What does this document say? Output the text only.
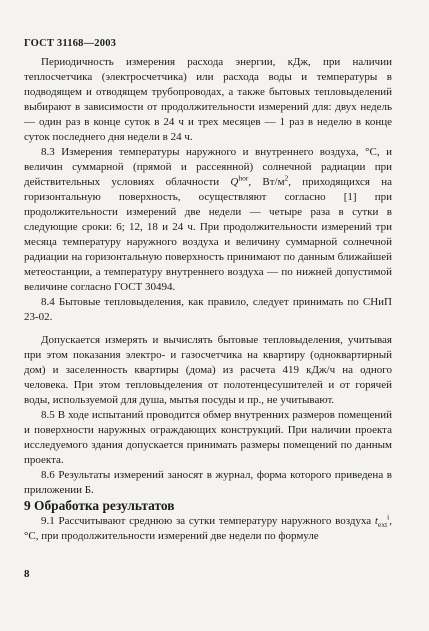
ГОСТ 31168—2003

Периодичность измерения расхода энергии, кДж, при наличии теплосчетчика (электросчетчика) или расхода воды и температуры в подводящем и отводящем трубопроводах, а также бытовых тепловыделений выбирают в зависимости от продолжительности измерений для: двух недель — один раз в конце суток в 24 ч и трех месяцев — 1 раз в неделю в конце суток последнего дня недели в 24 ч.

8.3 Измерения температуры наружного и внутреннего воздуха, °С, и величин суммарной (прямой и рассеянной) солнечной радиации при действительных условиях облачности $Q^{hor}$, $Вт/м^2$, приходящихся на горизонтальную поверхность, осуществляют согласно [1] при продолжительности измерений две недели — четыре раза в сутки в следующие сроки: 6; 12, 18 и 24 ч. При продолжительности измерений три месяца температуру наружного воздуха и величину суммарной солнечной радиации на горизонтальную поверхность принимают по данным ближайшей метеостанции, а температуру внутреннего воздуха — по нижней допустимой величине согласно ГОСТ 30494.

8.4 Бытовые тепловыделения, как правило, следует принимать по СНиП 23-02.

Допускается измерять и вычислять бытовые тепловыделения, учитывая при этом показания электро- и газосчетчика на квартиру (одноквартирный дом) и заселенность квартиры (дома) из расчета 419 кДж/ч на одного человека. При этом тепловыделения от полотенцесушителей и от горячей воды, используемой для душа, мытья посуды и пр., не учитывают.

8.5 В ходе испытаний проводится обмер внутренних размеров помещений и поверхности наружных ограждающих конструкций. При наличии проекта исследуемого здания допускается принимать размеры помещений по данным проекта.

8.6 Результаты измерений заносят в журнал, форма которого приведена в приложении Б.

9 Обработка результатов

9.1 Рассчитывают среднюю за сутки температуру наружного воздуха $t_{ext}^i$, °С, при продолжительности измерений две недели по формуле

8
